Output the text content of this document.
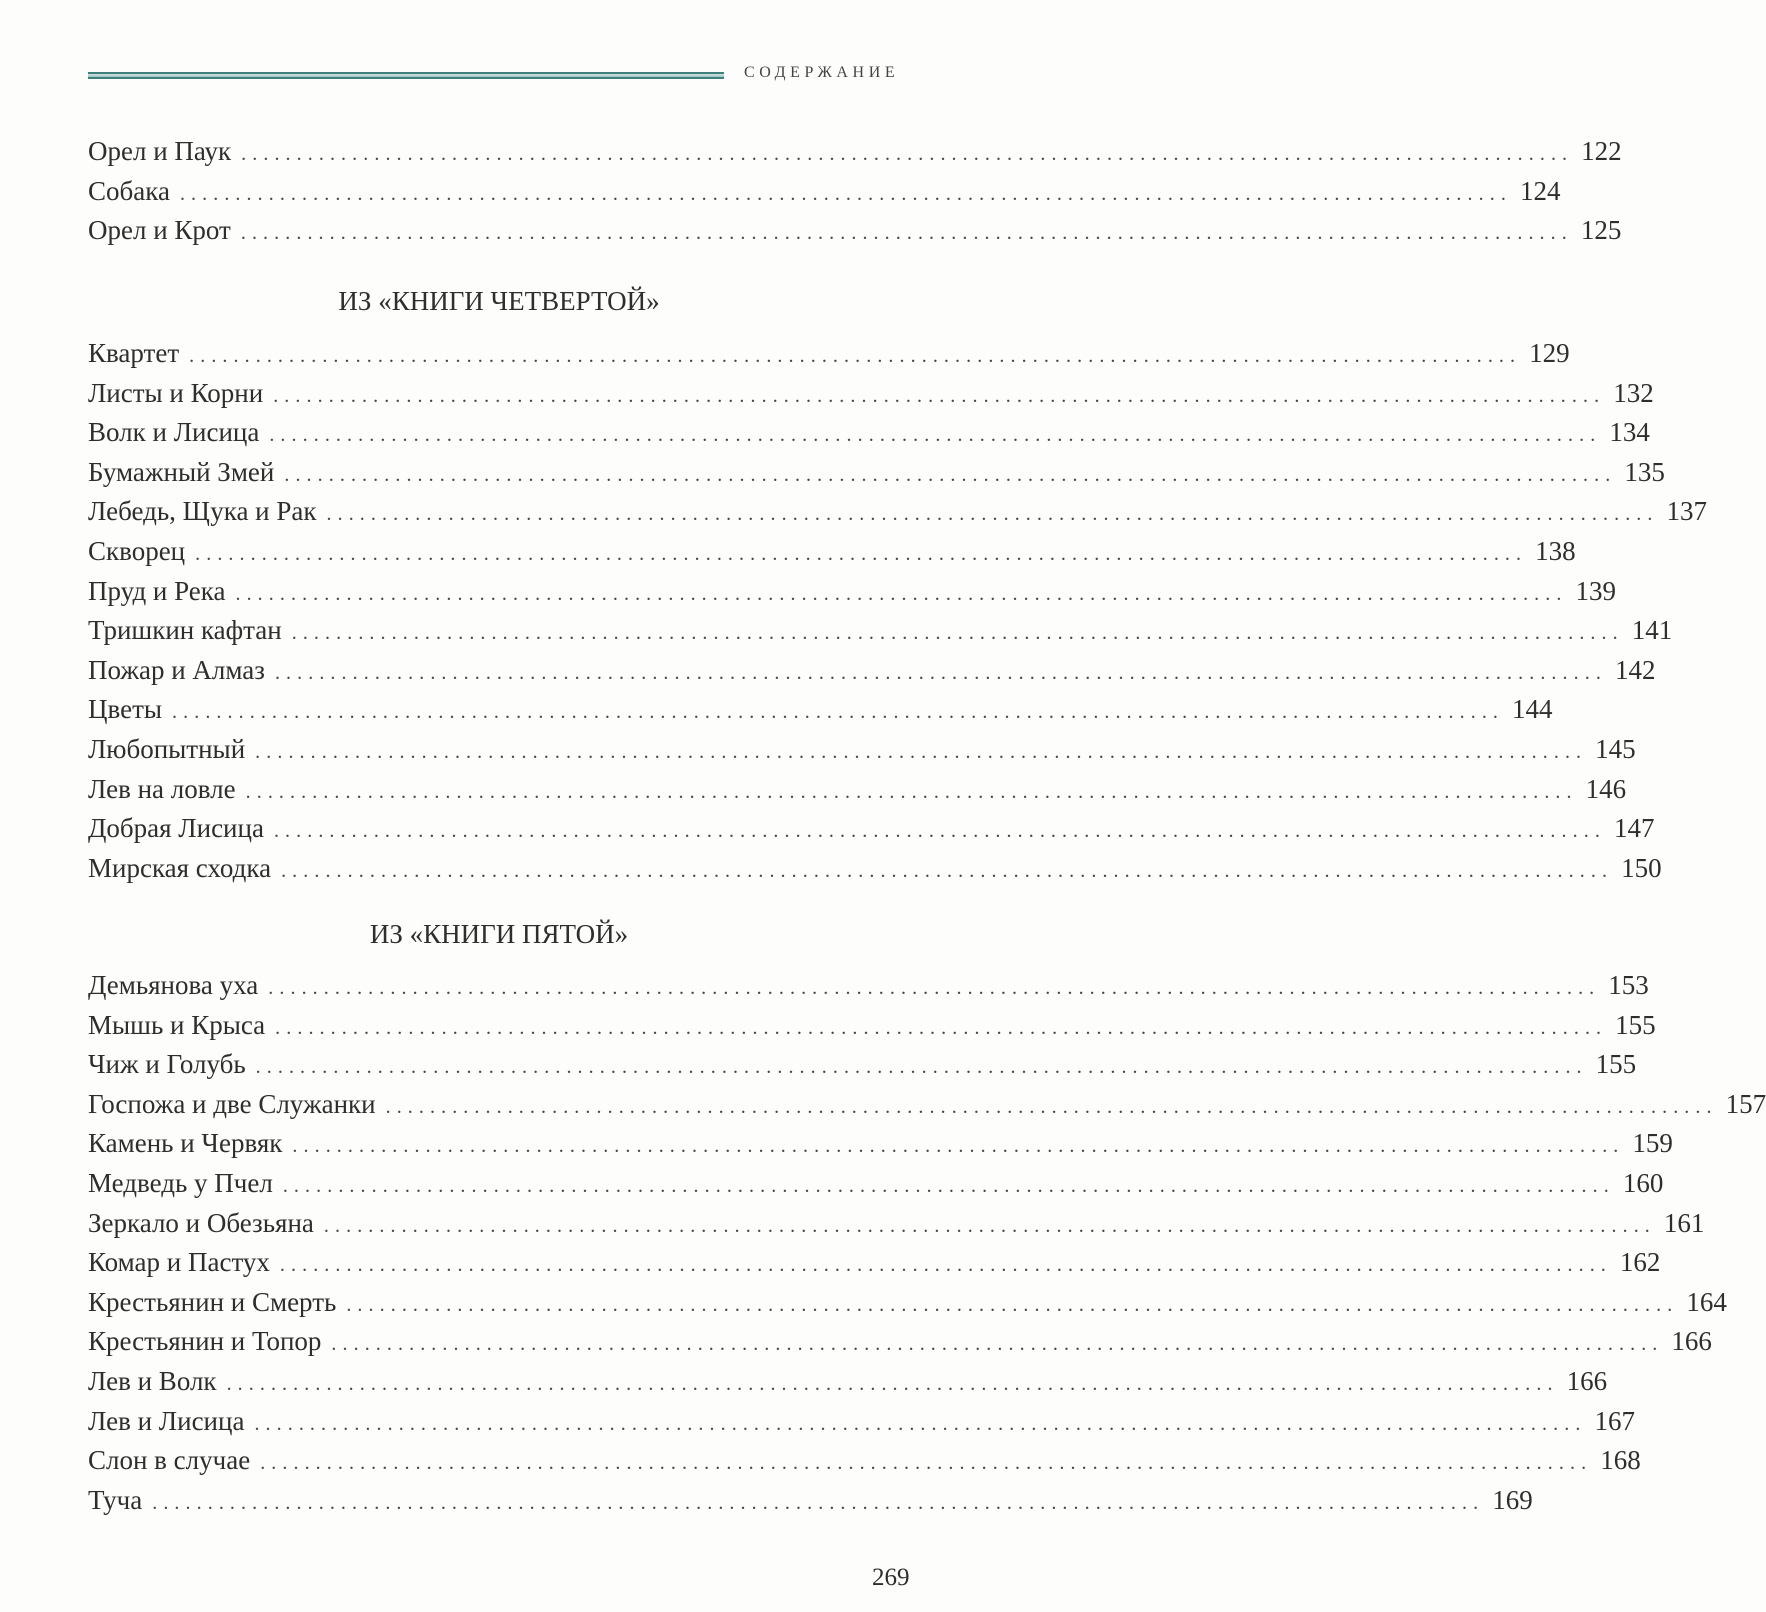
СОДЕРЖАНИЕ
Орел и Паук ........................................................................................................................ 122
Собака ........................................................................................................................ 124
Орел и Крот ........................................................................................................................ 125
ИЗ «КНИГИ ЧЕТВЕРТОЙ»
Квартет ........................................................................................................................ 129
Листы и Корни ........................................................................................................................ 132
Волк и Лисица ........................................................................................................................ 134
Бумажный Змей ........................................................................................................................ 135
Лебедь, Щука и Рак ........................................................................................................................ 137
Скворец ........................................................................................................................ 138
Пруд и Река ........................................................................................................................ 139
Тришкин кафтан ........................................................................................................................ 141
Пожар и Алмаз ........................................................................................................................ 142
Цветы ........................................................................................................................ 144
Любопытный ........................................................................................................................ 145
Лев на ловле ........................................................................................................................ 146
Добрая Лисица ........................................................................................................................ 147
Мирская сходка ........................................................................................................................ 150
ИЗ «КНИГИ ПЯТОЙ»
Демьянова уха ........................................................................................................................ 153
Мышь и Крыса ........................................................................................................................ 155
Чиж и Голубь ........................................................................................................................ 155
Госпожа и две Служанки ........................................................................................................................ 157
Камень и Червяк ........................................................................................................................ 159
Медведь у Пчел ........................................................................................................................ 160
Зеркало и Обезьяна ........................................................................................................................ 161
Комар и Пастух ........................................................................................................................ 162
Крестьянин и Смерть ........................................................................................................................ 164
Крестьянин и Топор ........................................................................................................................ 166
Лев и Волк ........................................................................................................................ 166
Лев и Лисица ........................................................................................................................ 167
Слон в случае ........................................................................................................................ 168
Туча ........................................................................................................................ 169
269
